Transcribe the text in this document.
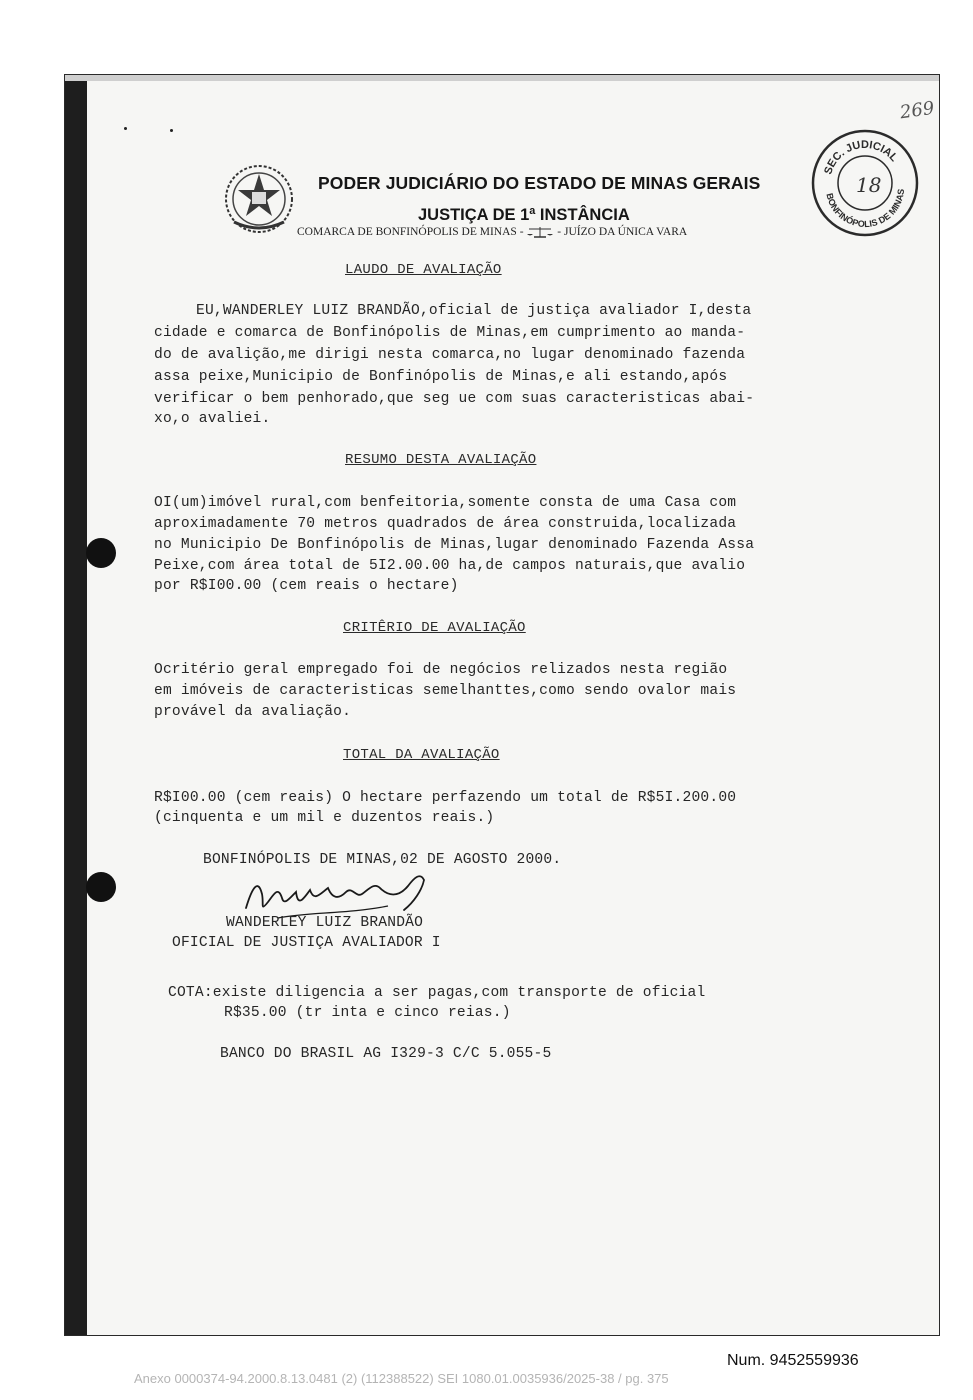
PODER JUDICIÁRIO DO ESTADO DE MINAS GERAIS
JUSTIÇA DE 1ª INSTÂNCIA
COMARCA DE BONFINÓPOLIS DE MINAS -	- JUÍZO DA ÚNICA VARA
SEC. JUDICIAL
BONFINÓPOLIS DE MINAS
18
269
LAUDO DE AVALIAÇÃO
EU,WANDERLEY LUIZ BRANDÃO,oficial de justiça avaliador I,desta
cidade e comarca de Bonfinópolis de Minas,em cumprimento ao manda-
do de avalição,me dirigi nesta comarca,no lugar denominado fazenda
assa peixe,Municipio de Bonfinópolis de Minas,e ali estando,após
verificar o bem penhorado,que seg ue com suas caracteristicas abai-
xo,o avaliei.
RESUMO DESTA AVALIAÇÃO
OI(um)imóvel rural,com benfeitoria,somente consta de uma Casa com
aproximadamente 70 metros quadrados de área construida,localizada
no Municipio De Bonfinópolis de Minas,lugar denominado Fazenda Assa
Peixe,com área total de 5I2.00.00 ha,de campos naturais,que avalio
por R$I00.00 (cem reais o hectare)
CRITÊRIO DE AVALIAÇÃO
Ocritério geral empregado foi de negócios relizados nesta região
em imóveis de caracteristicas semelhanttes,como sendo ovalor mais
provável da avaliação.
TOTAL DA AVALIAÇÃO
R$I00.00 (cem reais) O hectare perfazendo um total de R$5I.200.00
(cinquenta e um mil e duzentos reais.)
BONFINÓPOLIS DE MINAS,02 DE AGOSTO 2000.
WANDERLEY LUIZ BRANDÃO
OFICIAL DE JUSTIÇA AVALIADOR I
COTA:existe diligencia a ser pagas,com transporte de oficial
R$35.00 (tr inta e cinco reias.)
BANCO DO BRASIL AG I329-3 C/C 5.055-5
Num. 9452559936
Anexo 0000374-94.2000.8.13.0481 (2) (112388522) SEI 1080.01.0035936/2025-38 / pg. 375
